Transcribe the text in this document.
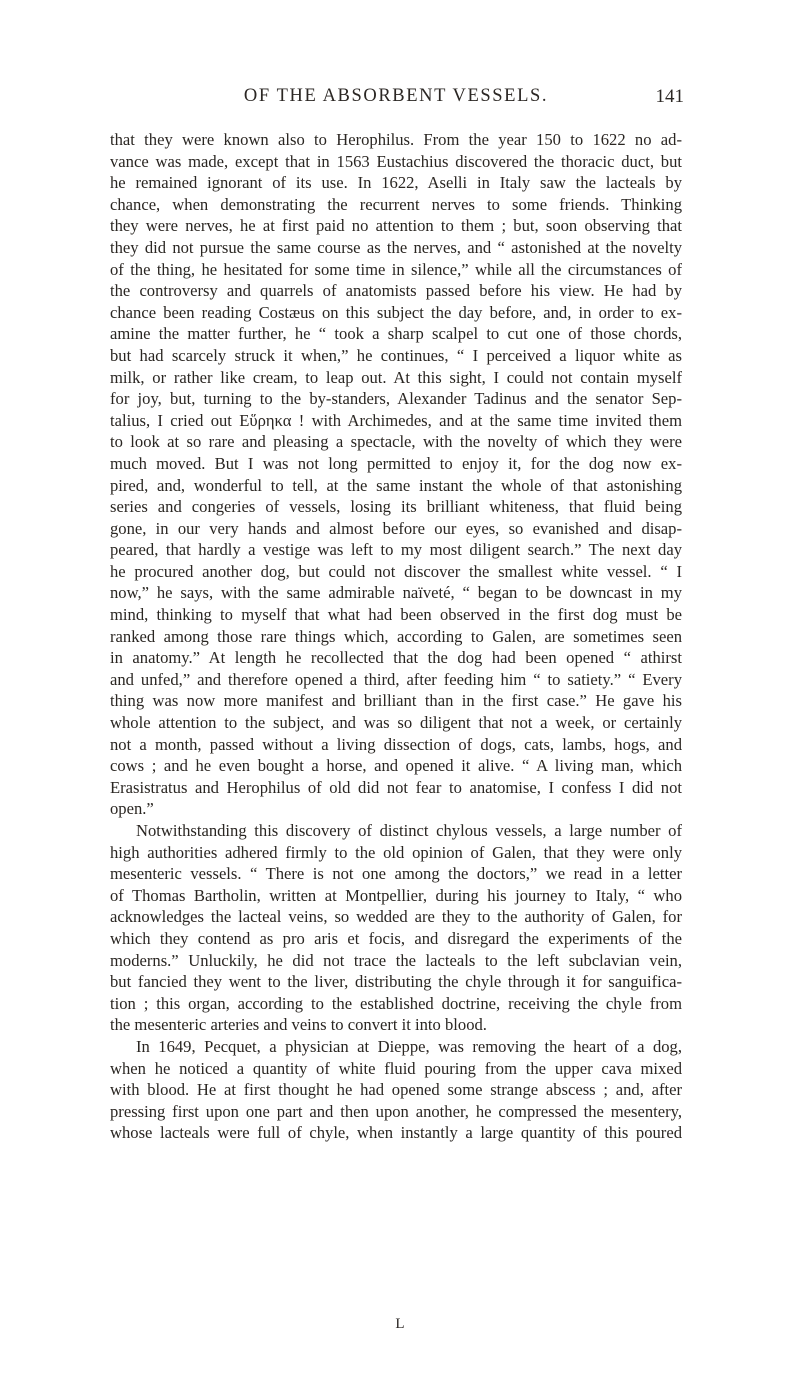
OF THE ABSORBENT VESSELS.	141
that they were known also to Herophilus. From the year 150 to 1622 no ad-
vance was made, except that in 1563 Eustachius discovered the thoracic duct, but
he remained ignorant of its use. In 1622, Aselli in Italy saw the lacteals by
chance, when demonstrating the recurrent nerves to some friends. Thinking
they were nerves, he at first paid no attention to them ; but, soon observing that
they did not pursue the same course as the nerves, and “ astonished at the novelty
of the thing, he hesitated for some time in silence,” while all the circumstances of
the controversy and quarrels of anatomists passed before his view. He had by
chance been reading Costæus on this subject the day before, and, in order to ex-
amine the matter further, he “ took a sharp scalpel to cut one of those chords,
but had scarcely struck it when,” he continues, “ I perceived a liquor white as
milk, or rather like cream, to leap out. At this sight, I could not contain myself
for joy, but, turning to the by-standers, Alexander Tadinus and the senator Sep-
talius, I cried out Εὕρηκα ! with Archimedes, and at the same time invited them
to look at so rare and pleasing a spectacle, with the novelty of which they were
much moved. But I was not long permitted to enjoy it, for the dog now ex-
pired, and, wonderful to tell, at the same instant the whole of that astonishing
series and congeries of vessels, losing its brilliant whiteness, that fluid being
gone, in our very hands and almost before our eyes, so evanished and disap-
peared, that hardly a vestige was left to my most diligent search.” The next day
he procured another dog, but could not discover the smallest white vessel. “ I
now,” he says, with the same admirable naïveté, “ began to be downcast in my
mind, thinking to myself that what had been observed in the first dog must be
ranked among those rare things which, according to Galen, are sometimes seen
in anatomy.” At length he recollected that the dog had been opened “ athirst
and unfed,” and therefore opened a third, after feeding him “ to satiety.” “ Every
thing was now more manifest and brilliant than in the first case.” He gave his
whole attention to the subject, and was so diligent that not a week, or certainly
not a month, passed without a living dissection of dogs, cats, lambs, hogs, and
cows ; and he even bought a horse, and opened it alive. “ A living man, which
Erasistratus and Herophilus of old did not fear to anatomise, I confess I did not
open.”
Notwithstanding this discovery of distinct chylous vessels, a large number of
high authorities adhered firmly to the old opinion of Galen, that they were only
mesenteric vessels. “ There is not one among the doctors,” we read in a letter
of Thomas Bartholin, written at Montpellier, during his journey to Italy, “ who
acknowledges the lacteal veins, so wedded are they to the authority of Galen, for
which they contend as pro aris et focis, and disregard the experiments of the
moderns.” Unluckily, he did not trace the lacteals to the left subclavian vein,
but fancied they went to the liver, distributing the chyle through it for sanguifica-
tion ; this organ, according to the established doctrine, receiving the chyle from
the mesenteric arteries and veins to convert it into blood.
In 1649, Pecquet, a physician at Dieppe, was removing the heart of a dog,
when he noticed a quantity of white fluid pouring from the upper cava mixed
with blood. He at first thought he had opened some strange abscess ; and, after
pressing first upon one part and then upon another, he compressed the mesentery,
whose lacteals were full of chyle, when instantly a large quantity of this poured
L
